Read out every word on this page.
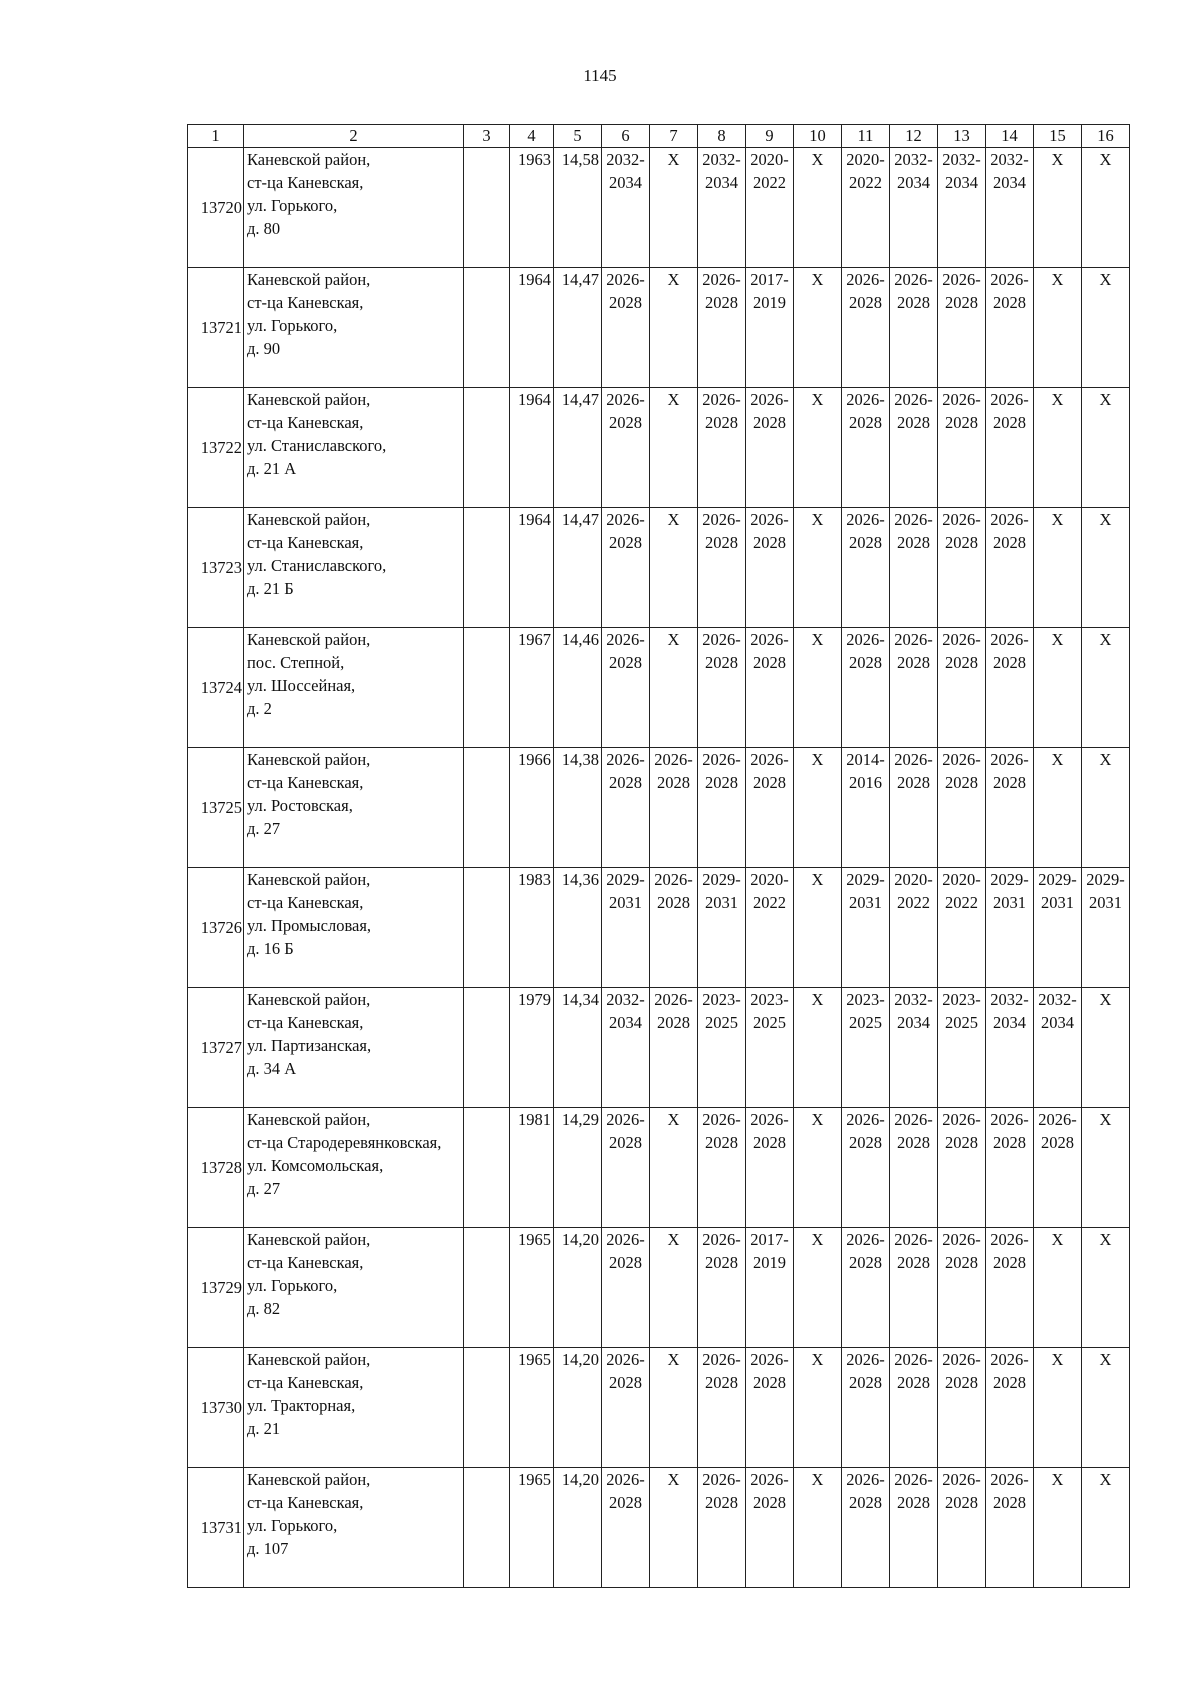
1145
1	2	3	4	5	6	7	8	9	10	11	12	13	14	15	16
13720	Каневской район,
ст-ца Каневская,
ул. Горького,
д. 80		1963	14,58	2032-
2034	X	2032-
2034	2020-
2022	X	2020-
2022	2032-
2034	2032-
2034	2032-
2034	X	X

13721	Каневской район,
ст-ца Каневская,
ул. Горького,
д. 90		1964	14,47	2026-
2028	X	2026-
2028	2017-
2019	X	2026-
2028	2026-
2028	2026-
2028	2026-
2028	X	X

13722	Каневской район,
ст-ца Каневская,
ул. Станиславского,
д. 21 А		1964	14,47	2026-
2028	X	2026-
2028	2026-
2028	X	2026-
2028	2026-
2028	2026-
2028	2026-
2028	X	X

13723	Каневской район,
ст-ца Каневская,
ул. Станиславского,
д. 21 Б		1964	14,47	2026-
2028	X	2026-
2028	2026-
2028	X	2026-
2028	2026-
2028	2026-
2028	2026-
2028	X	X

13724	Каневской район,
пос. Степной,
ул. Шоссейная,
д. 2		1967	14,46	2026-
2028	X	2026-
2028	2026-
2028	X	2026-
2028	2026-
2028	2026-
2028	2026-
2028	X	X

13725	Каневской район,
ст-ца Каневская,
ул. Ростовская,
д. 27		1966	14,38	2026-
2028	2026-
2028	2026-
2028	2026-
2028	X	2014-
2016	2026-
2028	2026-
2028	2026-
2028	X	X

13726	Каневской район,
ст-ца Каневская,
ул. Промысловая,
д. 16 Б		1983	14,36	2029-
2031	2026-
2028	2029-
2031	2020-
2022	X	2029-
2031	2020-
2022	2020-
2022	2029-
2031	2029-
2031	2029-
2031

13727	Каневской район,
ст-ца Каневская,
ул. Партизанская,
д. 34 А		1979	14,34	2032-
2034	2026-
2028	2023-
2025	2023-
2025	X	2023-
2025	2032-
2034	2023-
2025	2032-
2034	2032-
2034	X

13728	Каневской район,
ст-ца Стародеревянковская,
ул. Комсомольская,
д. 27		1981	14,29	2026-
2028	X	2026-
2028	2026-
2028	X	2026-
2028	2026-
2028	2026-
2028	2026-
2028	2026-
2028	X

13729	Каневской район,
ст-ца Каневская,
ул. Горького,
д. 82		1965	14,20	2026-
2028	X	2026-
2028	2017-
2019	X	2026-
2028	2026-
2028	2026-
2028	2026-
2028	X	X

13730	Каневской район,
ст-ца Каневская,
ул. Тракторная,
д. 21		1965	14,20	2026-
2028	X	2026-
2028	2026-
2028	X	2026-
2028	2026-
2028	2026-
2028	2026-
2028	X	X

13731	Каневской район,
ст-ца Каневская,
ул. Горького,
д. 107		1965	14,20	2026-
2028	X	2026-
2028	2026-
2028	X	2026-
2028	2026-
2028	2026-
2028	2026-
2028	X	X
